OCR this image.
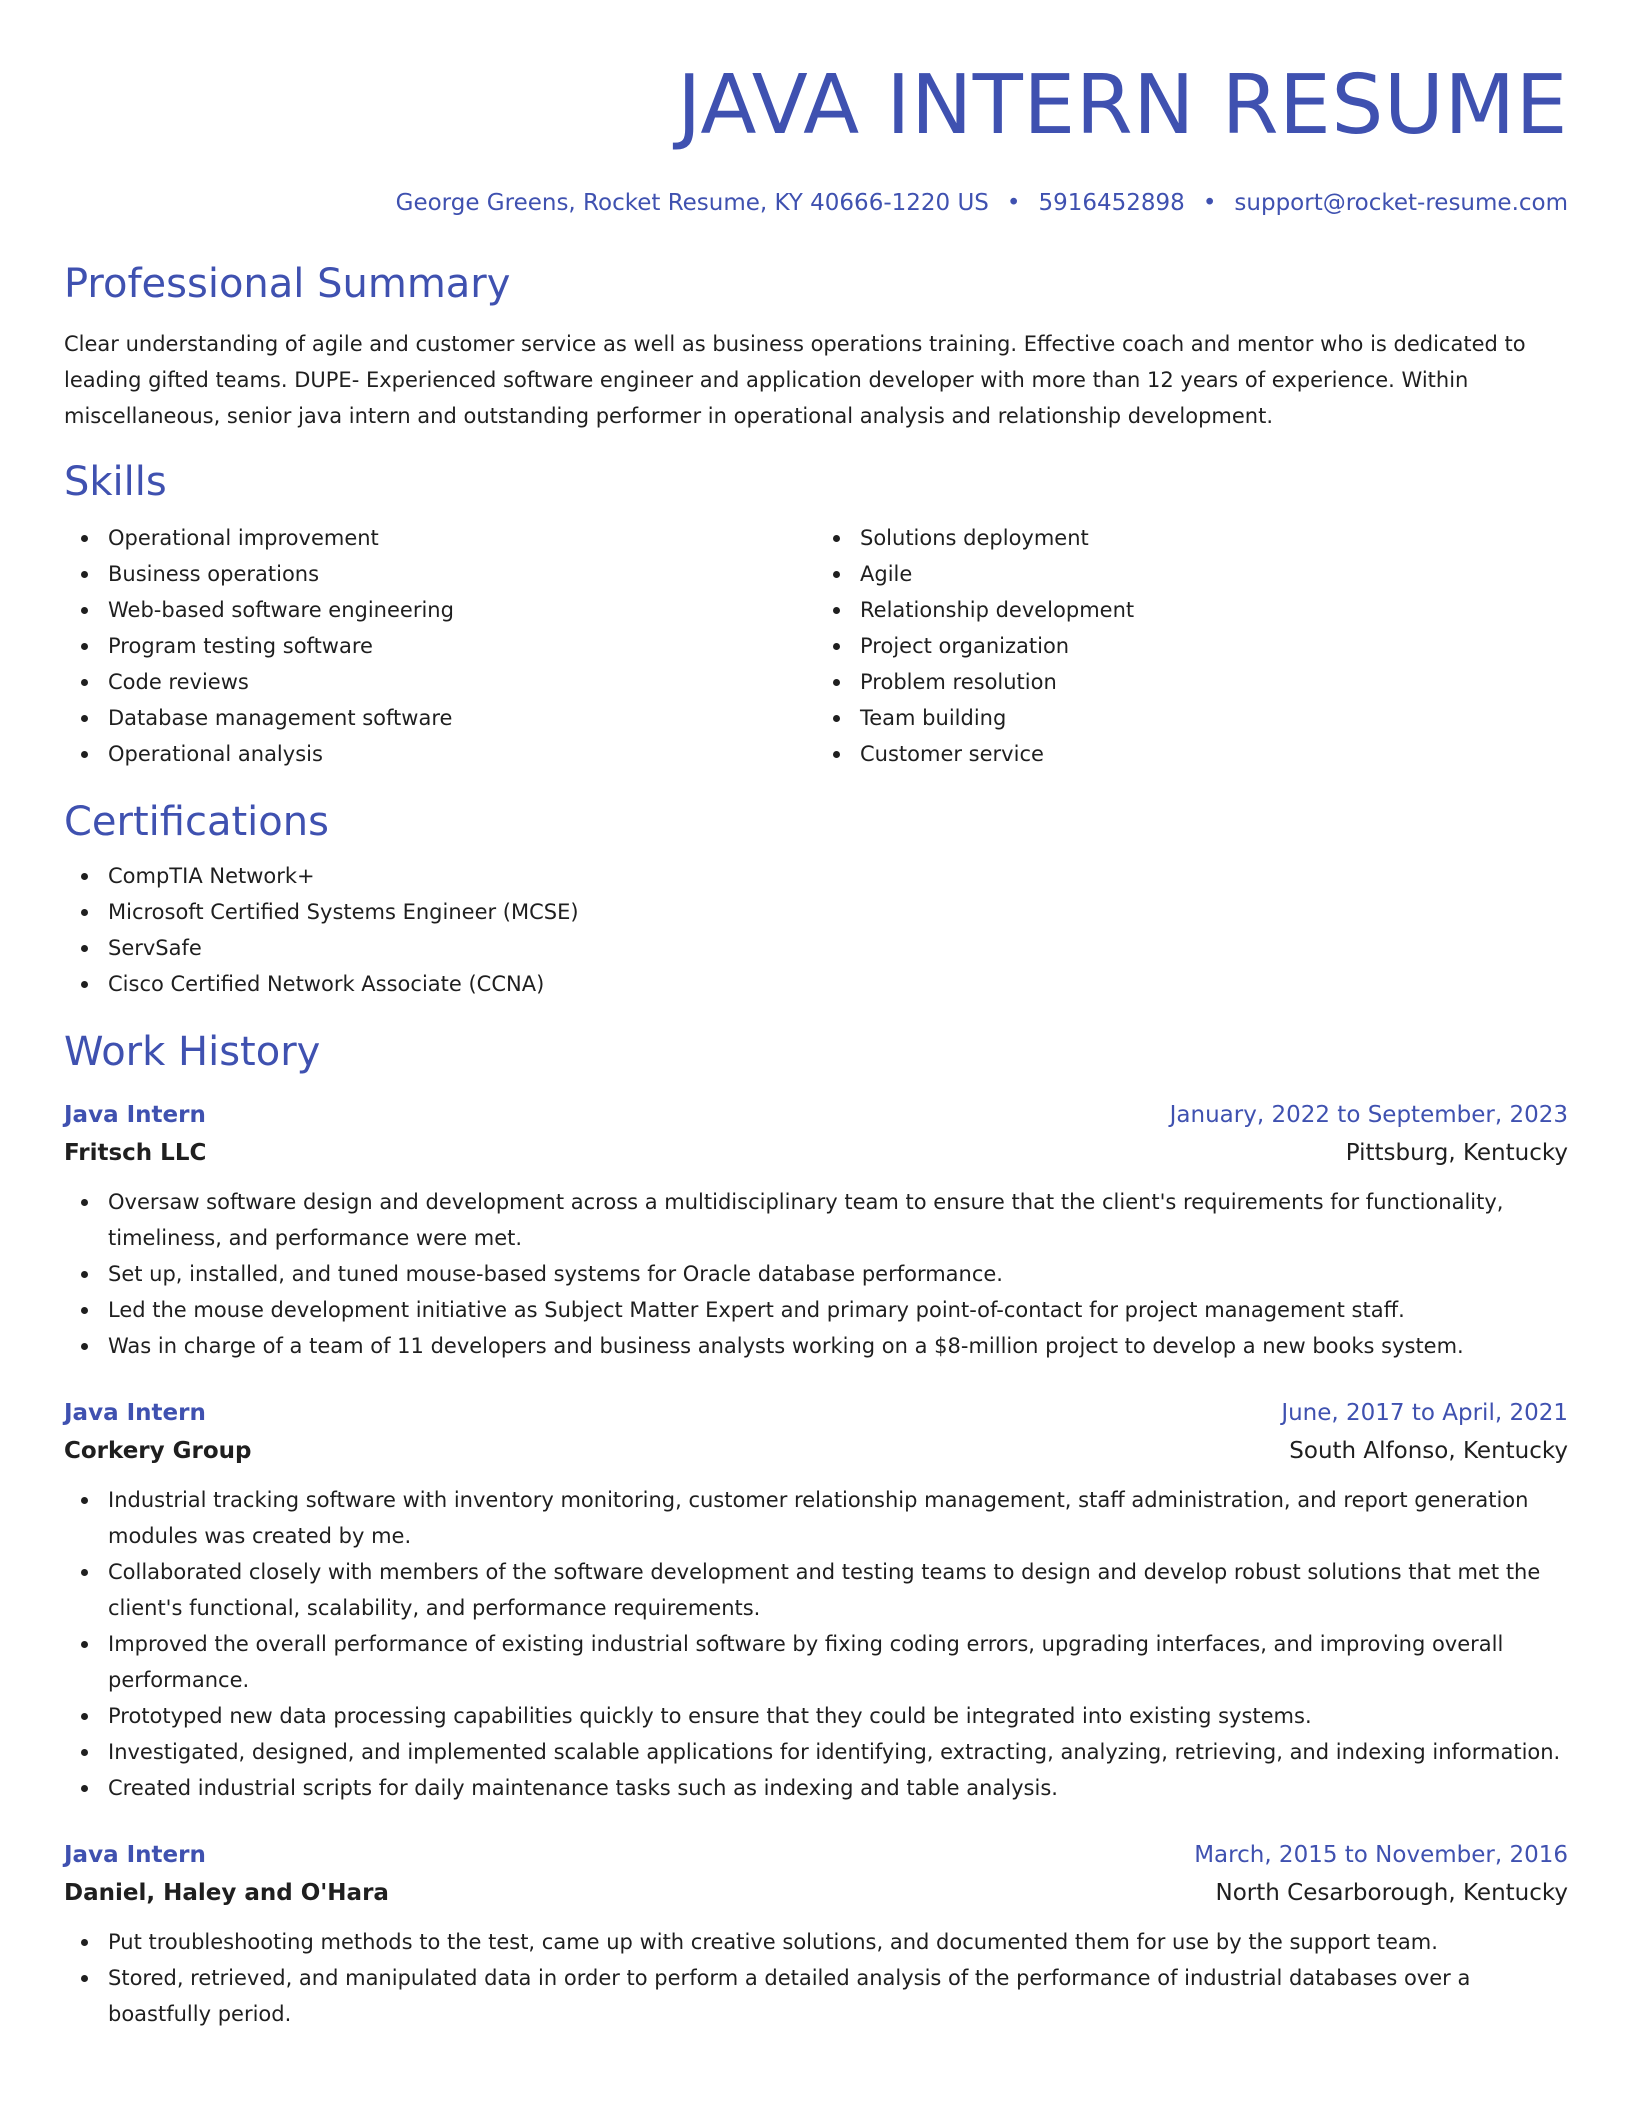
JAVA INTERN RESUME
George Greens, Rocket Resume, KY 40666-1220 US • 5916452898 • support@rocket-resume.com
Professional Summary

Clear understanding of agile and customer service as well as business operations training. Effective coach and mentor who is dedicated to leading gifted teams. DUPE- Experienced software engineer and application developer with more than 12 years of experience. Within miscellaneous, senior java intern and outstanding performer in operational analysis and relationship development.

Skills
Operational improvement
Business operations
Web-based software engineering
Program testing software
Code reviews
Database management software
Operational analysis
Solutions deployment
Agile
Relationship development
Project organization
Problem resolution
Team building
Customer service
Certifications
CompTIA Network+
Microsoft Certified Systems Engineer (MCSE)
ServSafe
Cisco Certified Network Associate (CCNA)
Work History
Java Intern	January, 2022 to September, 2023
Fritsch LLC	Pittsburg, Kentucky
Oversaw software design and development across a multidisciplinary team to ensure that the client's requirements for functionality, timeliness, and performance were met.
Set up, installed, and tuned mouse-based systems for Oracle database performance.
Led the mouse development initiative as Subject Matter Expert and primary point-of-contact for project management staff.
Was in charge of a team of 11 developers and business analysts working on a $8-million project to develop a new books system.
Java Intern	June, 2017 to April, 2021
Corkery Group	South Alfonso, Kentucky
Industrial tracking software with inventory monitoring, customer relationship management, staff administration, and report generation modules was created by me.
Collaborated closely with members of the software development and testing teams to design and develop robust solutions that met the client's functional, scalability, and performance requirements.
Improved the overall performance of existing industrial software by fixing coding errors, upgrading interfaces, and improving overall performance.
Prototyped new data processing capabilities quickly to ensure that they could be integrated into existing systems.
Investigated, designed, and implemented scalable applications for identifying, extracting, analyzing, retrieving, and indexing information.
Created industrial scripts for daily maintenance tasks such as indexing and table analysis.
Java Intern	March, 2015 to November, 2016
Daniel, Haley and O'Hara	North Cesarborough, Kentucky
Put troubleshooting methods to the test, came up with creative solutions, and documented them for use by the support team.
Stored, retrieved, and manipulated data in order to perform a detailed analysis of the performance of industrial databases over a boastfully period.
